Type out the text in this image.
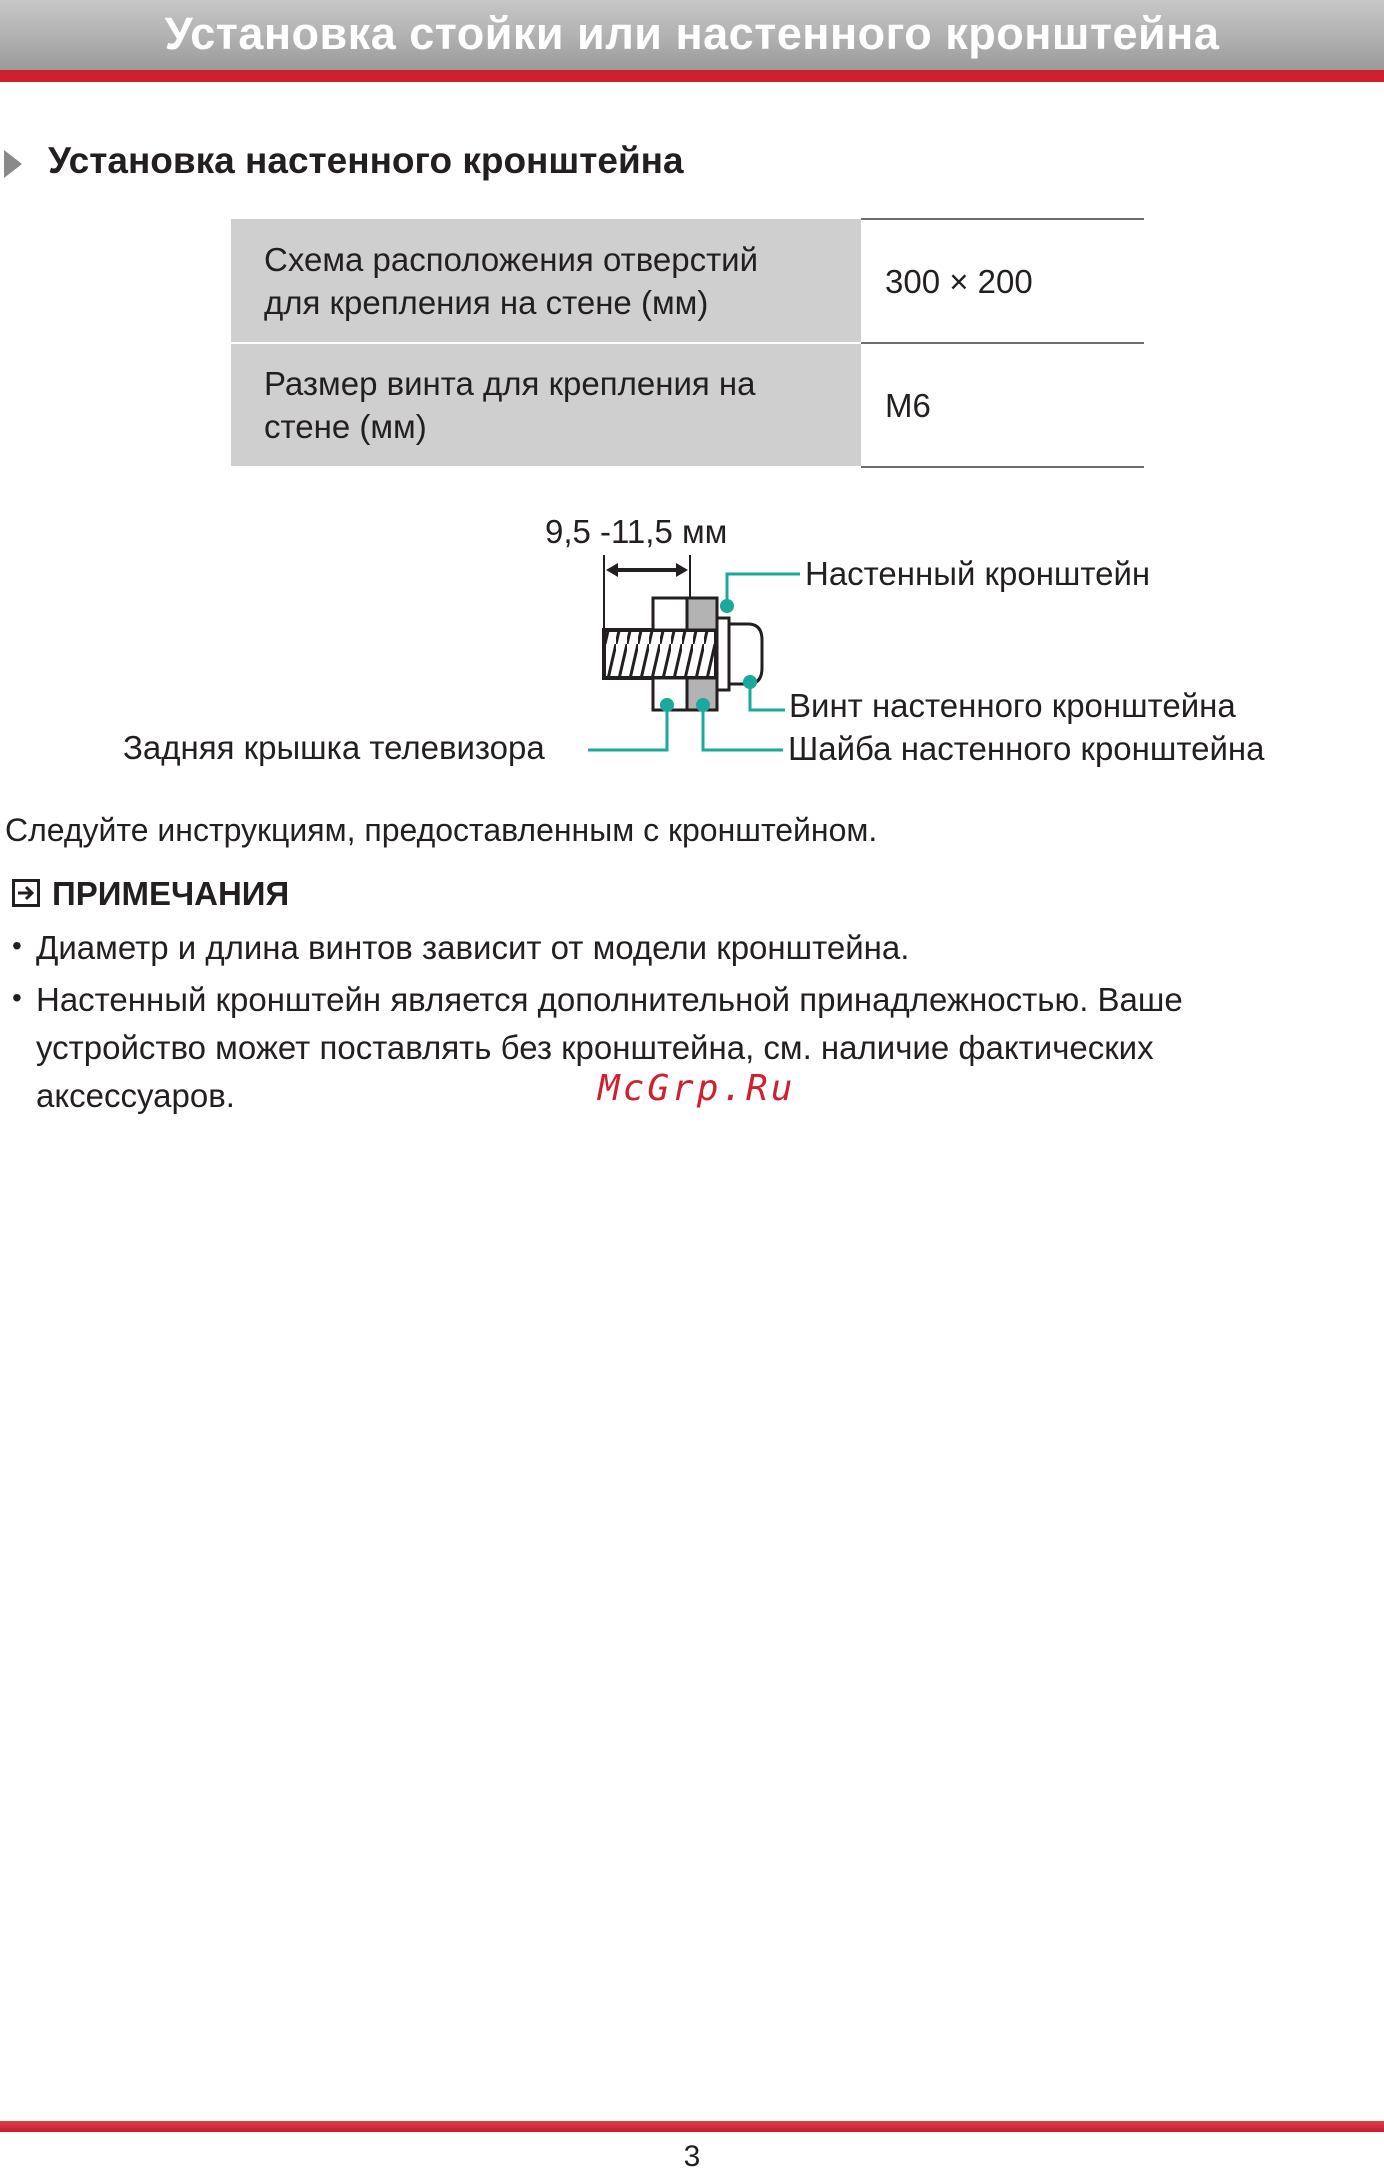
Установка стойки или настенного кронштейна
Установка настенного кронштейна
Схема расположения отверстий
для крепления на стене (мм)	300 × 200

Размер винта для крепления на
стене (мм)	M6
9,5 -11,5 мм
Настенный кронштейн
Винт настенного кронштейна
Задняя крышка телевизора	Шайба настенного кронштейна
Следуйте инструкциям, предоставленным с кронштейном.
ПРИМЕЧАНИЯ
• Диаметр и длина винтов зависит от модели кронштейна.
• Настенный кронштейн является дополнительной принадлежностью. Ваше
устройство может поставлять без кронштейна, см. наличие фактических
аксессуаров.	McGrp.Ru
3
